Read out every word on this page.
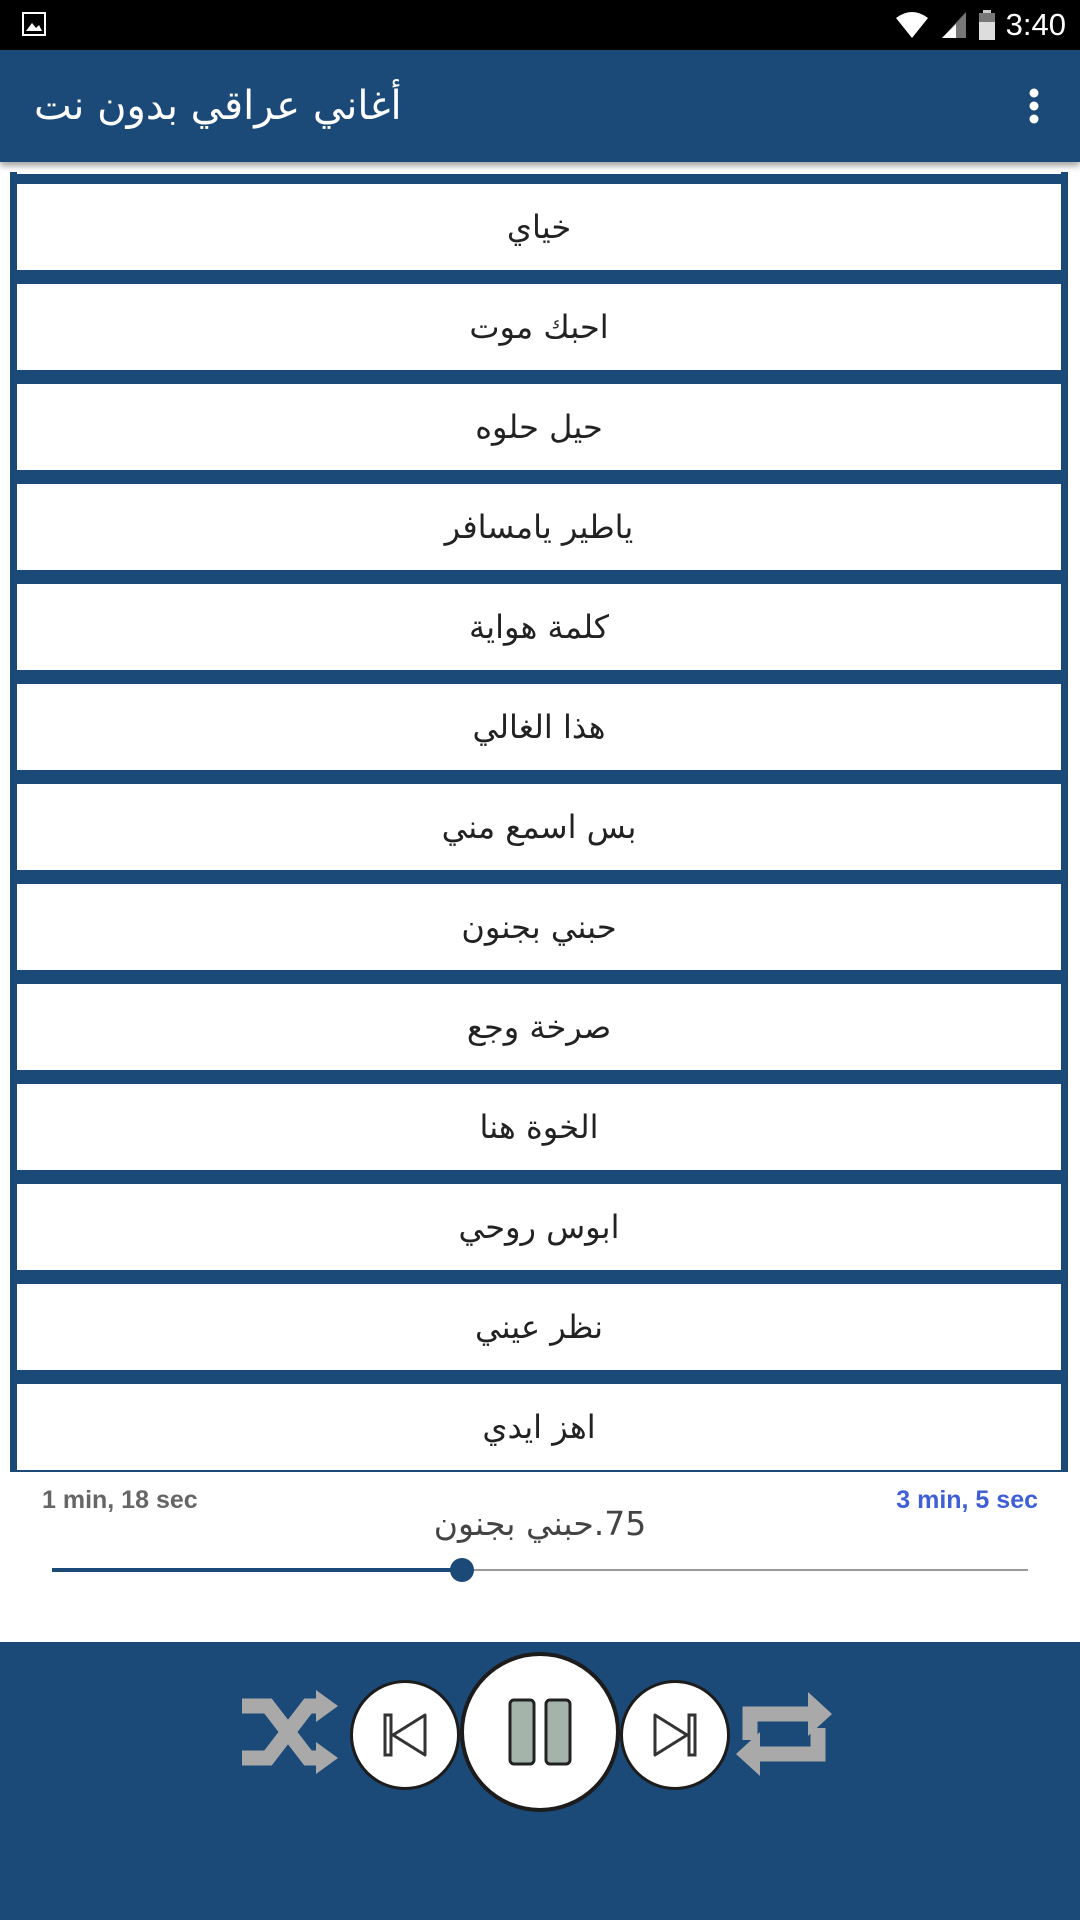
3:40
أغاني عراقي بدون نت
خياي
احبك موت
حيل حلوه
ياطير يامسافر
كلمة هواية
هذا الغالي
بس اسمع مني
حبني بجنون
صرخة وجع
الخوة هنا
ابوس روحي
نظر عيني
اهز ايدي
1 min, 18 sec	3 min, 5 sec
75.حبني بجنون
